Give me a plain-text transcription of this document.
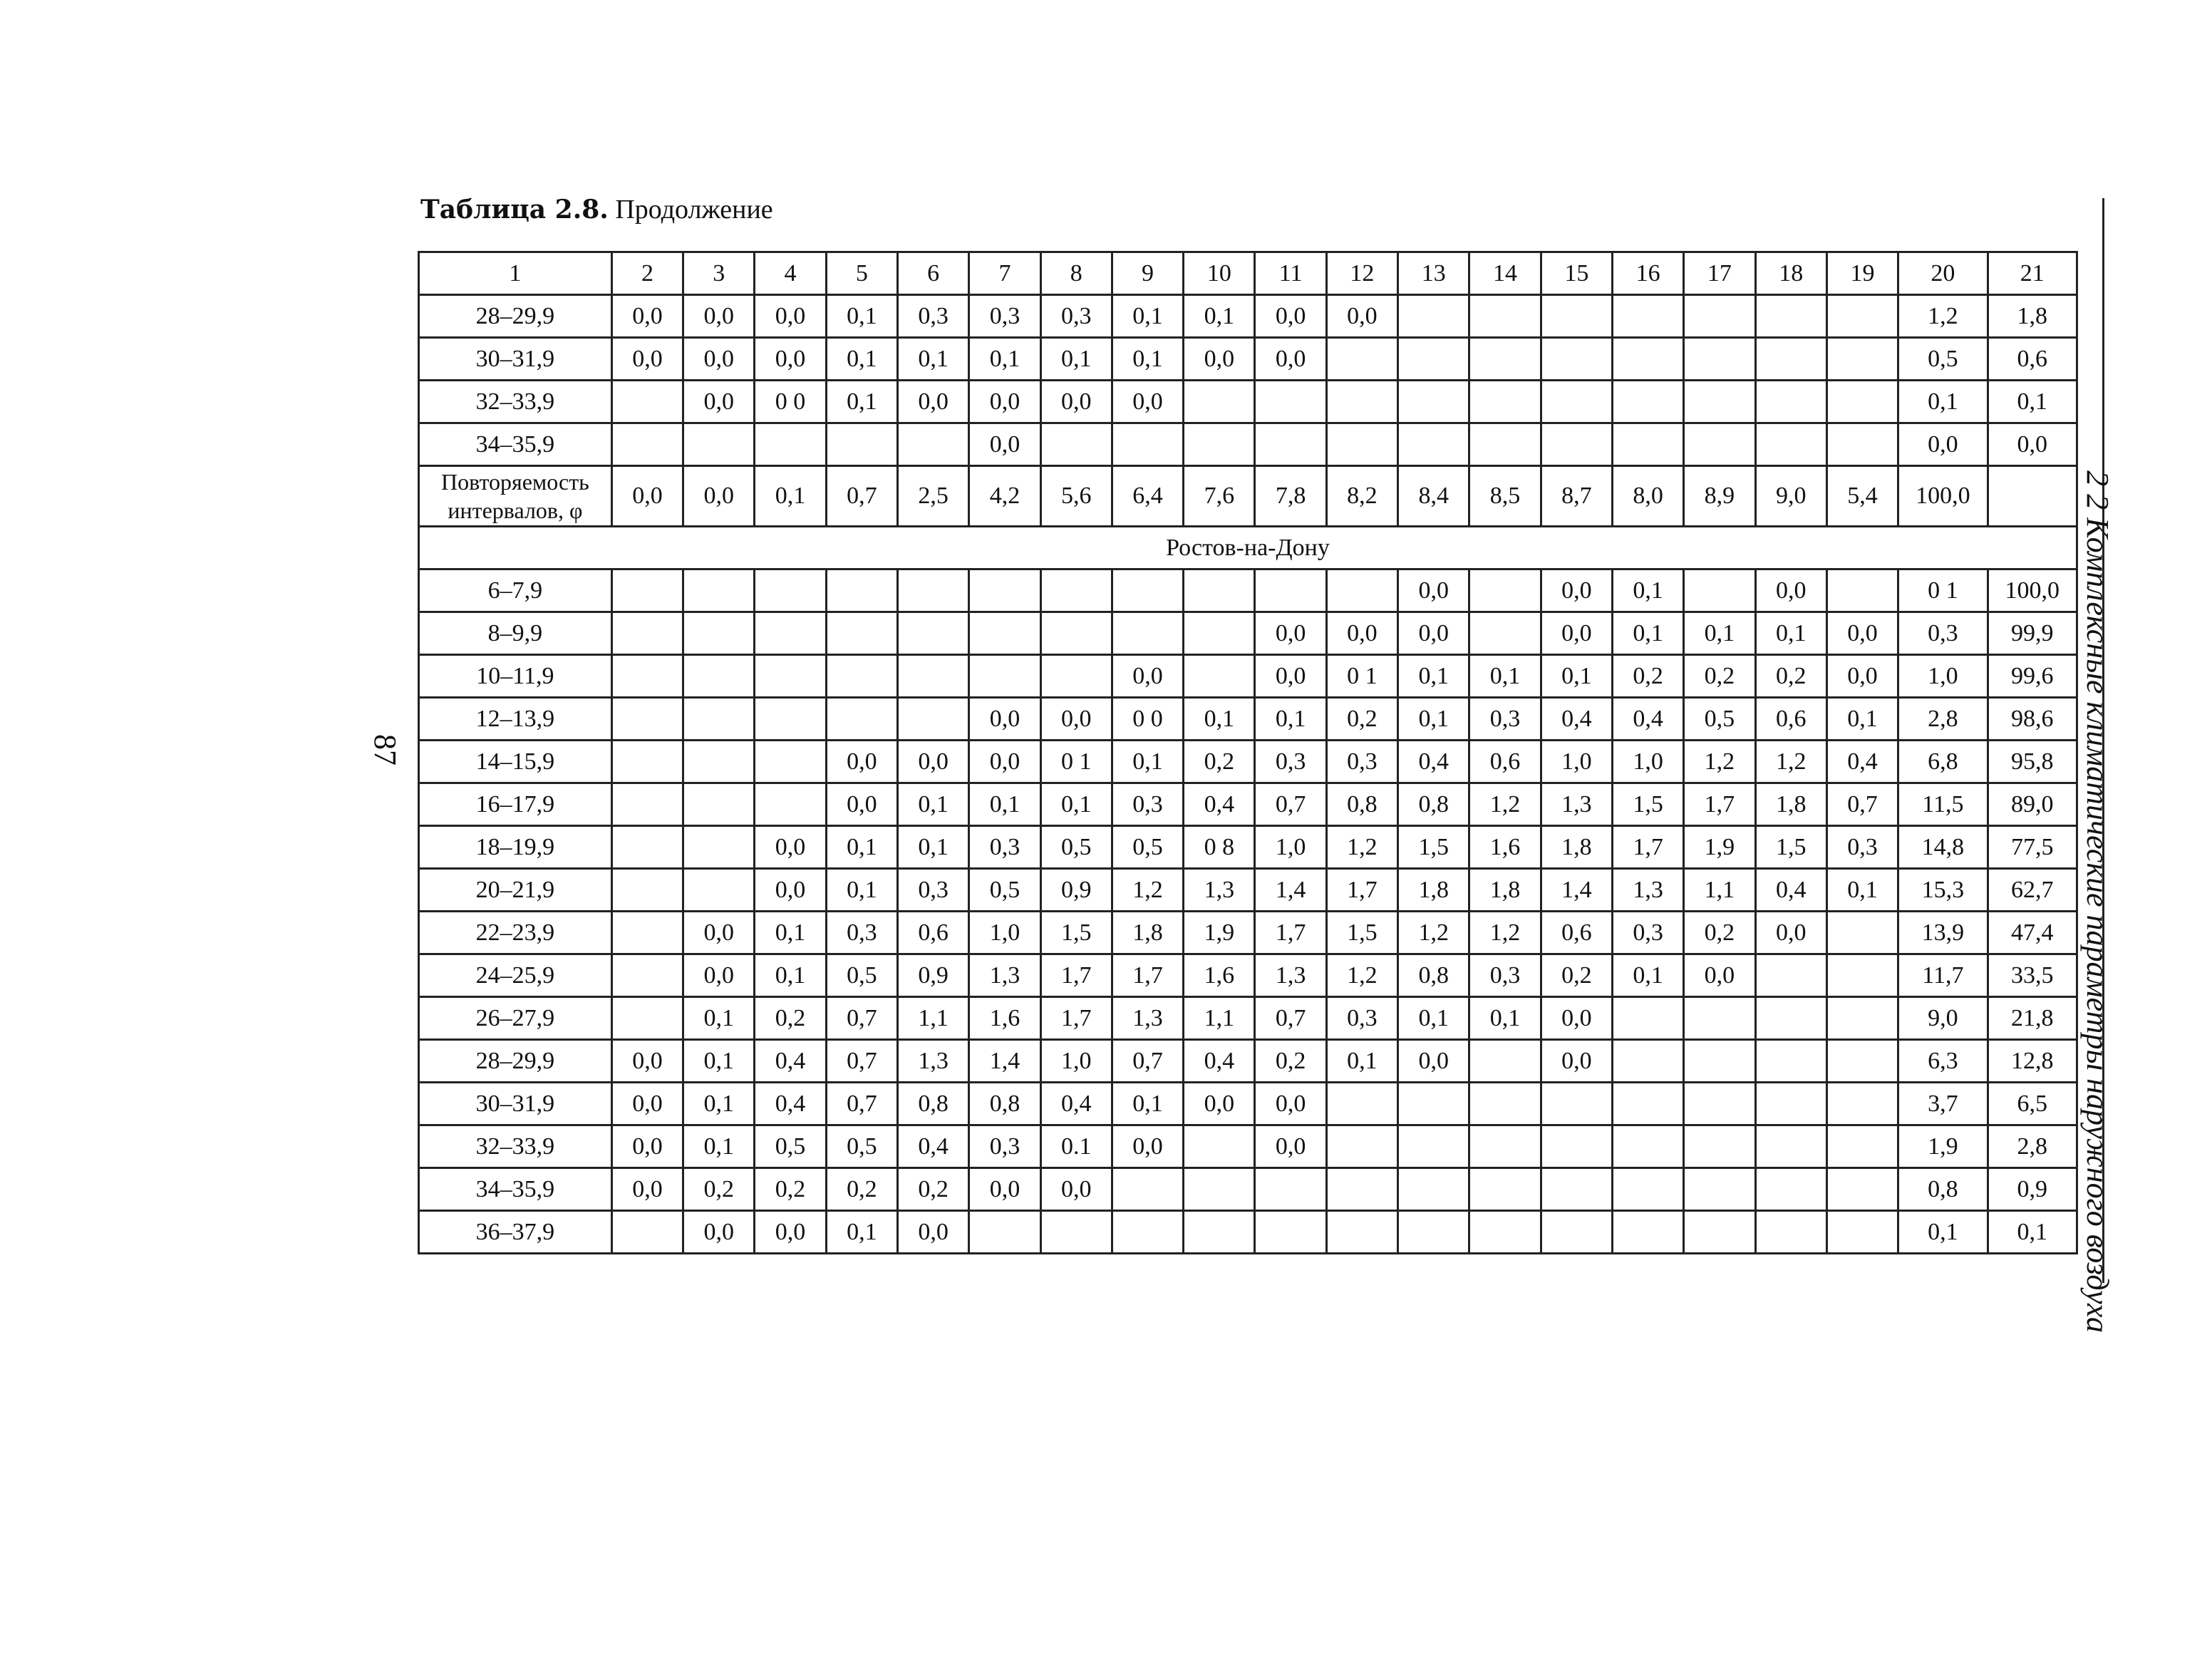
Таблица 2.8. Продолжение
87	2 2 Комплексные климатические параметры наружного воздуха
1	2	3	4	5	6	7	8	9	10	11	12	13	14	15	16	17	18	19	20	21
28–29,9	0,0	0,0	0,0	0,1	0,3	0,3	0,3	0,1	0,1	0,0	0,0								1,2	1,8
30–31,9	0,0	0,0	0,0	0,1	0,1	0,1	0,1	0,1	0,0	0,0									0,5	0,6
32–33,9		0,0	0 0	0,1	0,0	0,0	0,0	0,0											0,1	0,1
34–35,9						0,0													0,0	0,0
Повторяемость интервалов, φ	0,0	0,0	0,1	0,7	2,5	4,2	5,6	6,4	7,6	7,8	8,2	8,4	8,5	8,7	8,0	8,9	9,0	5,4	100,0	
Ростов-на-Дону																				
6–7,9												0,0		0,0	0,1		0,0		0 1	100,0
8–9,9										0,0	0,0	0,0		0,0	0,1	0,1	0,1	0,0	0,3	99,9
10–11,9								0,0		0,0	0 1	0,1	0,1	0,1	0,2	0,2	0,2	0,0	1,0	99,6
12–13,9						0,0	0,0	0 0	0,1	0,1	0,2	0,1	0,3	0,4	0,4	0,5	0,6	0,1	2,8	98,6
14–15,9				0,0	0,0	0,0	0 1	0,1	0,2	0,3	0,3	0,4	0,6	1,0	1,0	1,2	1,2	0,4	6,8	95,8
16–17,9				0,0	0,1	0,1	0,1	0,3	0,4	0,7	0,8	0,8	1,2	1,3	1,5	1,7	1,8	0,7	11,5	89,0
18–19,9			0,0	0,1	0,1	0,3	0,5	0,5	0 8	1,0	1,2	1,5	1,6	1,8	1,7	1,9	1,5	0,3	14,8	77,5
20–21,9			0,0	0,1	0,3	0,5	0,9	1,2	1,3	1,4	1,7	1,8	1,8	1,4	1,3	1,1	0,4	0,1	15,3	62,7
22–23,9		0,0	0,1	0,3	0,6	1,0	1,5	1,8	1,9	1,7	1,5	1,2	1,2	0,6	0,3	0,2	0,0		13,9	47,4
24–25,9		0,0	0,1	0,5	0,9	1,3	1,7	1,7	1,6	1,3	1,2	0,8	0,3	0,2	0,1	0,0			11,7	33,5
26–27,9		0,1	0,2	0,7	1,1	1,6	1,7	1,3	1,1	0,7	0,3	0,1	0,1	0,0					9,0	21,8
28–29,9	0,0	0,1	0,4	0,7	1,3	1,4	1,0	0,7	0,4	0,2	0,1	0,0		0,0					6,3	12,8
30–31,9	0,0	0,1	0,4	0,7	0,8	0,8	0,4	0,1	0,0	0,0									3,7	6,5
32–33,9	0,0	0,1	0,5	0,5	0,4	0,3	0.1	0,0		0,0									1,9	2,8
34–35,9	0,0	0,2	0,2	0,2	0,2	0,0	0,0												0,8	0,9
36–37,9		0,0	0,0	0,1	0,0														0,1	0,1
